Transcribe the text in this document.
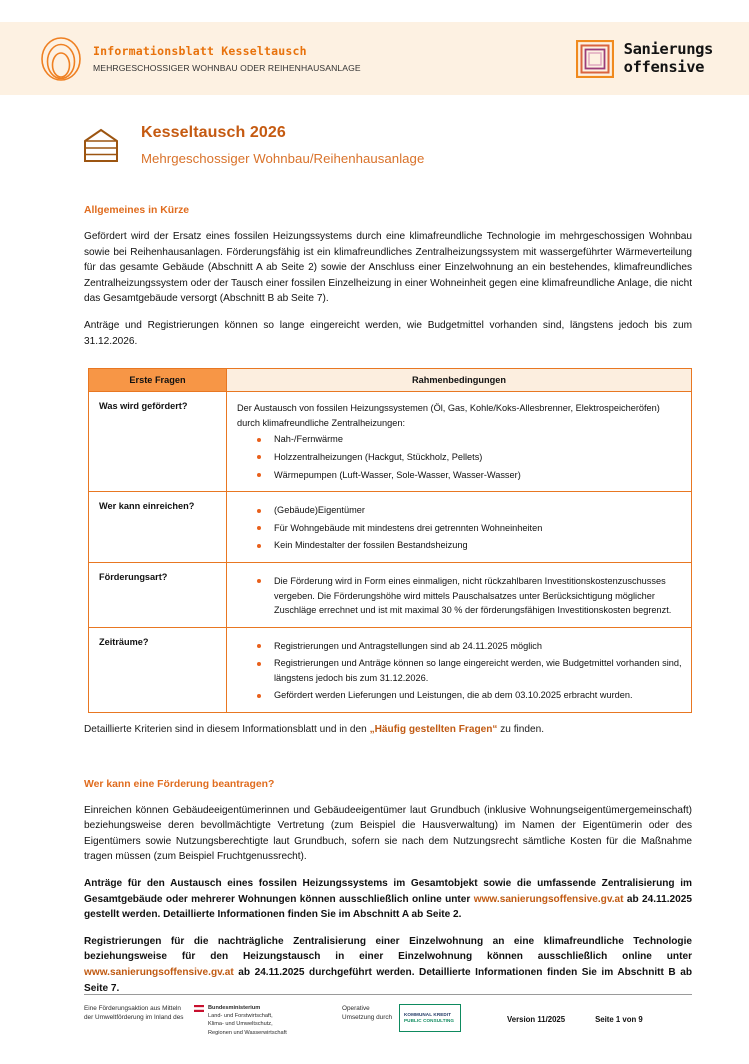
Informationsblatt Kesseltausch
MEHRGESCHOSSIGER WOHNBAU ODER REIHENHAUSANLAGE
Sanierungs
offensive
Kesseltausch 2026
Mehrgeschossiger Wohnbau/Reihenhausanlage
Allgemeines in Kürze

Gefördert wird der Ersatz eines fossilen Heizungssystems durch eine klimafreundliche Technologie im mehrgeschossigen Wohnbau sowie bei Reihenhausanlagen. Förderungsfähig ist ein klimafreundliches Zentralheizungssystem mit wassergeführter Wärmeverteilung für das gesamte Gebäude (Abschnitt A ab Seite 2) sowie der Anschluss einer Einzelwohnung an ein bestehendes, klimafreundliches Zentralheizungssystem oder der Tausch einer fossilen Einzelheizung in einer Wohneinheit gegen eine klimafreundliche Anlage, die nicht das Gesamtgebäude versorgt (Abschnitt B ab Seite 7).

Anträge und Registrierungen können so lange eingereicht werden, wie Budgetmittel vorhanden sind, längstens jedoch bis zum 31.12.2026.

Erste Fragen	Rahmenbedingungen
Was wird gefördert?	Der Austausch von fossilen Heizungssystemen (Öl, Gas, Kohle/Koks-Allesbrenner, Elektrospeicheröfen) durch klimafreundliche Zentralheizungen:

Nah-/Fernwärme
Holzzentralheizungen (Hackgut, Stückholz, Pellets)
Wärmepumpen (Luft-Wasser, Sole-Wasser, Wasser-Wasser)

Wer kann einreichen?	(Gebäude)Eigentümer
Für Wohngebäude mit mindestens drei getrennten Wohneinheiten
Kein Mindestalter der fossilen Bestandsheizung

Förderungsart?	Die Förderung wird in Form eines einmaligen, nicht rückzahlbaren Investitionskostenzuschusses vergeben. Die Förderungshöhe wird mittels Pauschalsatzes unter Berücksichtigung möglicher Zuschläge errechnet und ist mit maximal 30 % der förderungsfähigen Investitionskosten begrenzt.

Zeiträume?	Registrierungen und Antragstellungen sind ab 24.11.2025 möglich
Registrierungen und Anträge können so lange eingereicht werden, wie Budgetmittel vorhanden sind, längstens jedoch bis zum 31.12.2026.
Gefördert werden Lieferungen und Leistungen, die ab dem 03.10.2025 erbracht wurden.

Detaillierte Kriterien sind in diesem Informationsblatt und in den „Häufig gestellten Fragen“ zu finden.

Wer kann eine Förderung beantragen?

Einreichen können Gebäudeeigentümerinnen und Gebäudeeigentümer laut Grundbuch (inklusive Wohnungseigentümergemeinschaft) beziehungsweise deren bevollmächtigte Vertretung (zum Beispiel die Hausverwaltung) im Namen der Eigentümerin oder des Eigentümers sowie Nutzungsberechtigte laut Grundbuch, sofern sie nach dem Nutzungsrecht sämtliche Kosten für die Maßnahme tragen müssen (zum Beispiel Fruchtgenussrecht).

Anträge für den Austausch eines fossilen Heizungssystems im Gesamtobjekt sowie die umfassende Zentralisierung im Gesamtgebäude oder mehrerer Wohnungen können ausschließlich online unter www.sanierungsoffensive.gv.at ab 24.11.2025 gestellt werden. Detaillierte Informationen finden Sie im Abschnitt A ab Seite 2.

Registrierungen für die nachträgliche Zentralisierung einer Einzelwohnung an eine klimafreundliche Technologie beziehungsweise für den Heizungstausch in einer Einzelwohnung können ausschließlich online unter www.sanierungsoffensive.gv.at ab 24.11.2025 durchgeführt werden. Detaillierte Informationen finden Sie im Abschnitt B ab Seite 7.

Eine Förderungsaktion aus Mitteln der Umweltförderung im Inland des
Bundesministerium
Land- und Forstwirtschaft,
Klima- und Umweltschutz,
Regionen und Wasserwirtschaft
Operative Umsetzung durch	KOMMUNAL KREDIT
PUBLIC CONSULTING	Version 11/2025	Seite 1 von 9
